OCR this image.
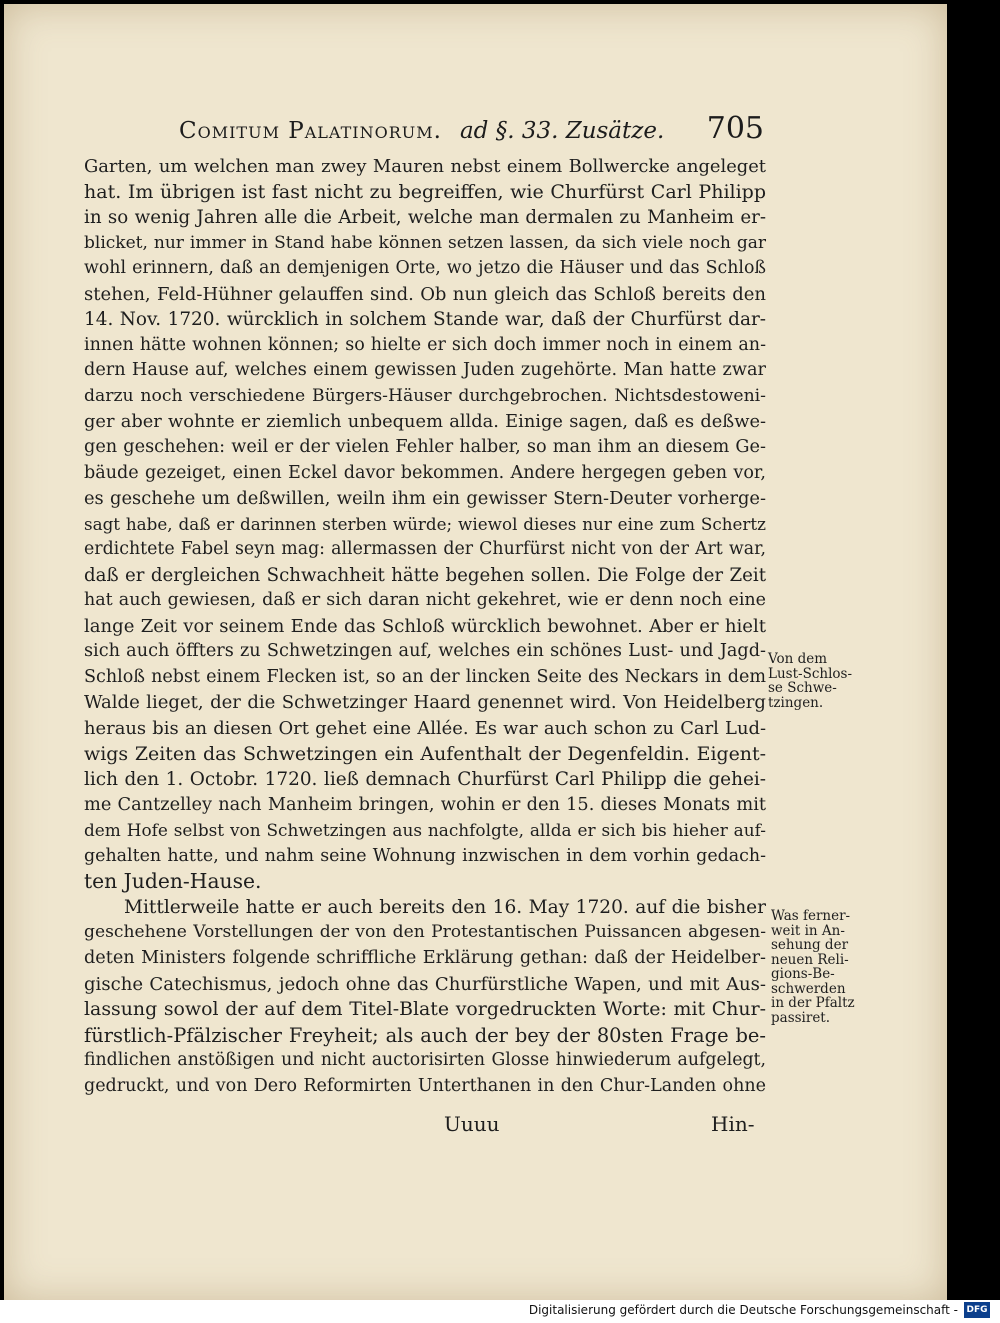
Comitum Palatinorum. ad §. 33. Zusätze. 705
Garten, um welchen man zwey Mauren nebst einem Bollwercke angeleget
hat. Im übrigen ist fast nicht zu begreiffen, wie Churfürst Carl Philipp
in so wenig Jahren alle die Arbeit, welche man dermalen zu Manheim er-
blicket, nur immer in Stand habe können setzen lassen, da sich viele noch gar
wohl erinnern, daß an demjenigen Orte, wo jetzo die Häuser und das Schloß
stehen, Feld-Hühner gelauffen sind. Ob nun gleich das Schloß bereits den
14. Nov. 1720. würcklich in solchem Stande war, daß der Churfürst dar-
innen hätte wohnen können; so hielte er sich doch immer noch in einem an-
dern Hause auf, welches einem gewissen Juden zugehörte. Man hatte zwar
darzu noch verschiedene Bürgers-Häuser durchgebrochen. Nichtsdestoweni-
ger aber wohnte er ziemlich unbequem allda. Einige sagen, daß es deßwe-
gen geschehen: weil er der vielen Fehler halber, so man ihm an diesem Ge-
bäude gezeiget, einen Eckel davor bekommen. Andere hergegen geben vor,
es geschehe um deßwillen, weiln ihm ein gewisser Stern-Deuter vorherge-
sagt habe, daß er darinnen sterben würde; wiewol dieses nur eine zum Schertz
erdichtete Fabel seyn mag: allermassen der Churfürst nicht von der Art war,
daß er dergleichen Schwachheit hätte begehen sollen. Die Folge der Zeit
hat auch gewiesen, daß er sich daran nicht gekehret, wie er denn noch eine
lange Zeit vor seinem Ende das Schloß würcklich bewohnet. Aber er hielt
sich auch öffters zu Schwetzingen auf, welches ein schönes Lust- und Jagd-
Schloß nebst einem Flecken ist, so an der lincken Seite des Neckars in dem
Walde lieget, der die Schwetzinger Haard genennet wird. Von Heidelberg
heraus bis an diesen Ort gehet eine Allée. Es war auch schon zu Carl Lud-
wigs Zeiten das Schwetzingen ein Aufenthalt der Degenfeldin. Eigent-
lich den 1. Octobr. 1720. ließ demnach Churfürst Carl Philipp die gehei-
me Cantzelley nach Manheim bringen, wohin er den 15. dieses Monats mit
dem Hofe selbst von Schwetzingen aus nachfolgte, allda er sich bis hieher auf-
gehalten hatte, und nahm seine Wohnung inzwischen in dem vorhin gedach-
ten Juden-Hause.
Mittlerweile hatte er auch bereits den 16. May 1720. auf die bisher
geschehene Vorstellungen der von den Protestantischen Puissancen abgesen-
deten Ministers folgende schriffliche Erklärung gethan: daß der Heidelber-
gische Catechismus, jedoch ohne das Churfürstliche Wapen, und mit Aus-
lassung sowol der auf dem Titel-Blate vorgedruckten Worte: mit Chur-
fürstlich-Pfälzischer Freyheit; als auch der bey der 80sten Frage be-
findlichen anstößigen und nicht auctorisirten Glosse hinwiederum aufgelegt,
gedruckt, und von Dero Reformirten Unterthanen in den Chur-Landen ohne
Von dem
Lust-Schlos-
se Schwe-
tzingen.
Was ferner-
weit in An-
sehung der
neuen Reli-
gions-Be-
schwerden
in der Pfaltz
passiret.
Uuuu	Hin-
Digitalisierung gefördert durch die Deutsche Forschungsgemeinschaft - DFG
